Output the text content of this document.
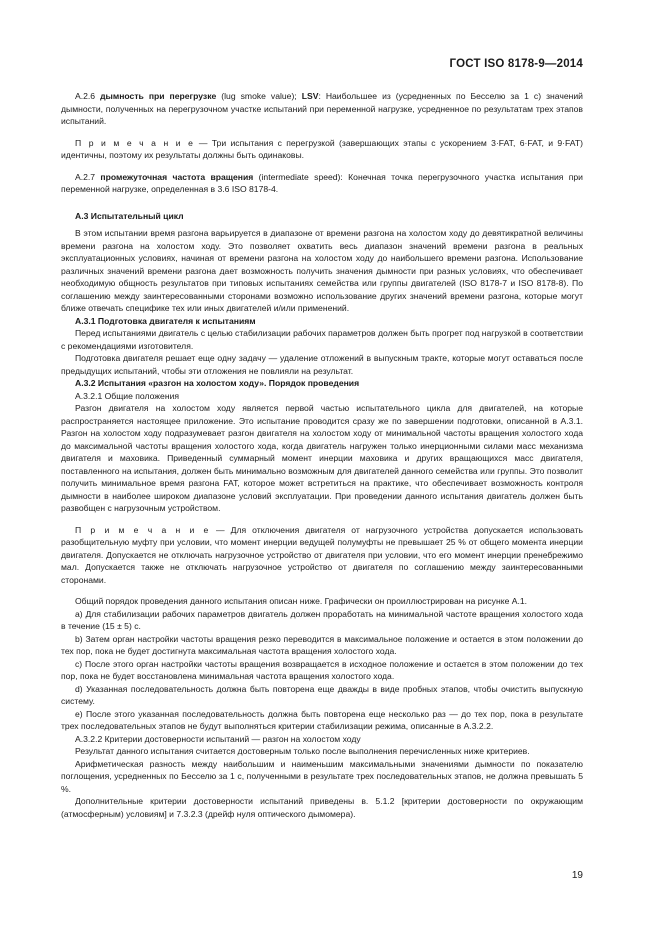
ГОСТ ISO 8178-9—2014

А.2.6 дымность при перегрузке (lug smoke value); LSV: Наибольшее из (усредненных по Бесселю за 1 с) значений дымности, полученных на перегрузочном участке испытаний при переменной нагрузке, усредненное по результатам трех этапов испытаний.

П р и м е ч а н и е — Три испытания с перегрузкой (завершающих этапы с ускорением 3·FAT, 6·FAT, и 9·FAT) идентичны, поэтому их результаты должны быть одинаковы.

А.2.7 промежуточная частота вращения (intermediate speed): Конечная точка перегрузочного участка испытания при переменной нагрузке, определенная в 3.6 ISO 8178-4.

А.3 Испытательный цикл

В этом испытании время разгона варьируется в диапазоне от времени разгона на холостом ходу до девятикратной величины времени разгона на холостом ходу. Это позволяет охватить весь диапазон значений времени разгона в реальных эксплуатационных условиях, начиная от времени разгона на холостом ходу до наибольшего времени разгона. Использование различных значений времени разгона дает возможность получить значения дымности при разных условиях, что обеспечивает необходимую общность результатов при типовых испытаниях семейства или группы двигателей (ISO 8178-7 и ISO 8178-8). По соглашению между заинтересованными сторонами возможно использование других значений времени разгона, которые могут ближе отвечать специфике тех или иных двигателей и/или применений.

А.3.1 Подготовка двигателя к испытаниям

Перед испытаниями двигатель с целью стабилизации рабочих параметров должен быть прогрет под нагрузкой в соответствии с рекомендациями изготовителя.

Подготовка двигателя решает еще одну задачу — удаление отложений в выпускным тракте, которые могут оставаться после предыдущих испытаний, чтобы эти отложения не повлияли на результат.

А.3.2 Испытания «разгон на холостом ходу». Порядок проведения

А.3.2.1 Общие положения

Разгон двигателя на холостом ходу является первой частью испытательного цикла для двигателей, на которые распространяется настоящее приложение. Это испытание проводится сразу же по завершении подготовки, описанной в А.3.1. Разгон на холостом ходу подразумевает разгон двигателя на холостом ходу от минимальной частоты вращения холостого хода до максимальной частоты вращения холостого хода, когда двигатель нагружен только инерционными силами масс механизма двигателя и маховика. Приведенный суммарный момент инерции маховика и других вращающихся масс двигателя, поставленного на испытания, должен быть минимально возможным для двигателей данного семейства или группы. Это позволит получить минимальное время разгона FAT, которое может встретиться на практике, что обеспечивает возможность контроля дымности в наиболее широком диапазоне условий эксплуатации. При проведении данного испытания двигатель должен быть развобщен с нагрузочным устройством.

П р и м е ч а н и е — Для отключения двигателя от нагрузочного устройства допускается использовать разобщительную муфту при условии, что момент инерции ведущей полумуфты не превышает 25 % от общего момента инерции двигателя. Допускается не отключать нагрузочное устройство от двигателя при условии, что его момент инерции пренебрежимо мал. Допускается также не отключать нагрузочное устройство от двигателя по соглашению между заинтересованными сторонами.

Общий порядок проведения данного испытания описан ниже. Графически он проиллюстрирован на рисунке А.1.

а) Для стабилизации рабочих параметров двигатель должен проработать на минимальной частоте вращения холостого хода в течение (15 ± 5) с.

b) Затем орган настройки частоты вращения резко переводится в максимальное положение и остается в этом положении до тех пор, пока не будет достигнута максимальная частота вращения холостого хода.

c) После этого орган настройки частоты вращения возвращается в исходное положение и остается в этом положении до тех пор, пока не будет восстановлена минимальная частота вращения холостого хода.

d) Указанная последовательность должна быть повторена еще дважды в виде пробных этапов, чтобы очистить выпускную систему.

е) После этого указанная последовательность должна быть повторена еще несколько раз — до тех пор, пока в результате трех последовательных этапов не будут выполняться критерии стабилизации режима, описанные в А.3.2.2.

А.3.2.2 Критерии достоверности испытаний — разгон на холостом ходу

Результат данного испытания считается достоверным только после выполнения перечисленных ниже критериев.

Арифметическая разность между наибольшим и наименьшим максимальными значениями дымности по показателю поглощения, усредненных по Бесселю за 1 с, полученными в результате трех последовательных этапов, не должна превышать 5 %.

Дополнительные критерии достоверности испытаний приведены в. 5.1.2 [критерии достоверности по окружающим (атмосферным) условиям] и 7.3.2.3 (дрейф нуля оптического дымомера).

19
